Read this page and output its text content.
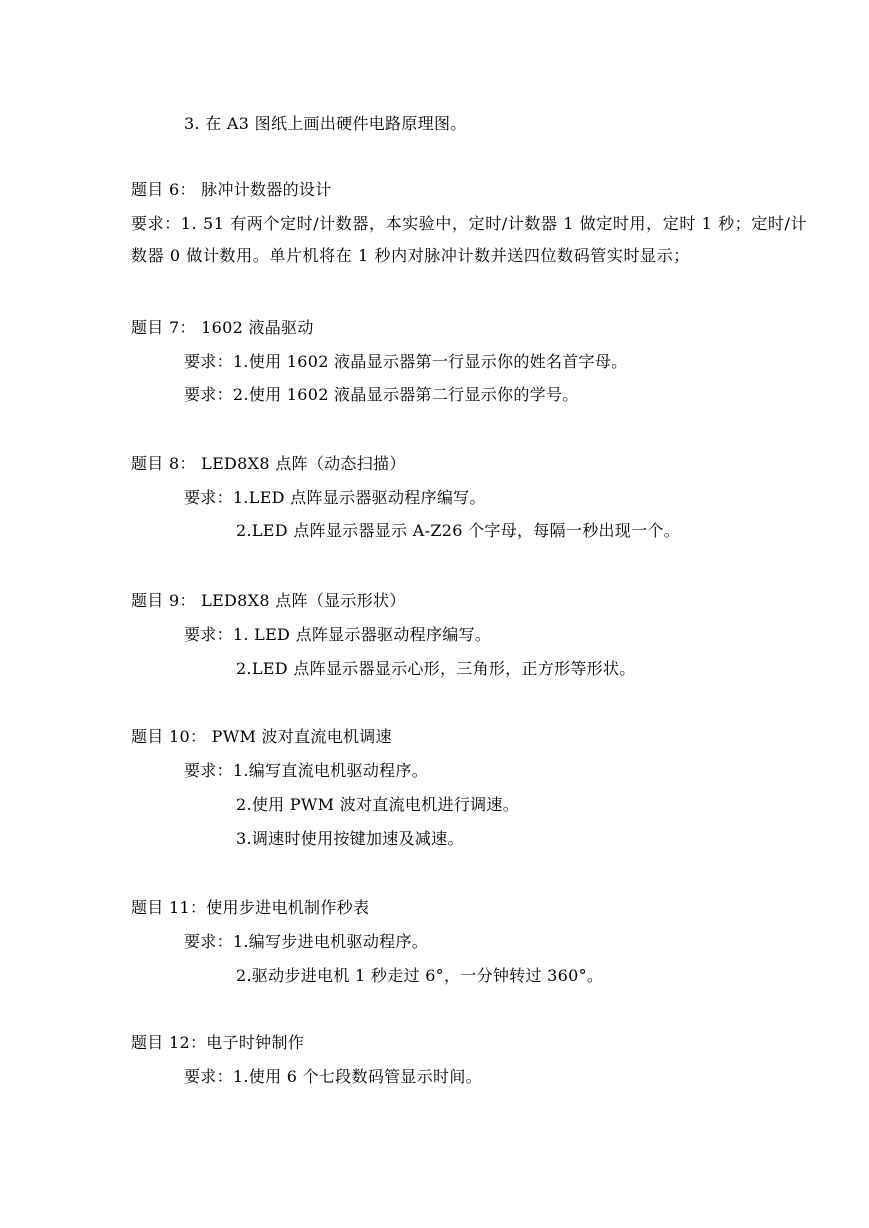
3. 在 A3 图纸上画出硬件电路原理图。
题目 6： 脉冲计数器的设计
要求：1. 51 有两个定时/计数器，本实验中，定时/计数器 1 做定时用，定时 1 秒；定时/计数器 0 做计数用。单片机将在 1 秒内对脉冲计数并送四位数码管实时显示；
题目 7： 1602 液晶驱动
要求：1.使用 1602 液晶显示器第一行显示你的姓名首字母。
要求：2.使用 1602 液晶显示器第二行显示你的学号。
题目 8： LED8X8 点阵（动态扫描）
要求：1.LED 点阵显示器驱动程序编写。
2.LED 点阵显示器显示 A-Z26 个字母，每隔一秒出现一个。
题目 9： LED8X8 点阵（显示形状）
要求：1. LED 点阵显示器驱动程序编写。
2.LED 点阵显示器显示心形，三角形，正方形等形状。
题目 10： PWM 波对直流电机调速
要求：1.编写直流电机驱动程序。
2.使用 PWM 波对直流电机进行调速。
3.调速时使用按键加速及减速。
题目 11：使用步进电机制作秒表
要求：1.编写步进电机驱动程序。
2.驱动步进电机 1 秒走过 6°，一分钟转过 360°。
题目 12：电子时钟制作
要求：1.使用 6 个七段数码管显示时间。
